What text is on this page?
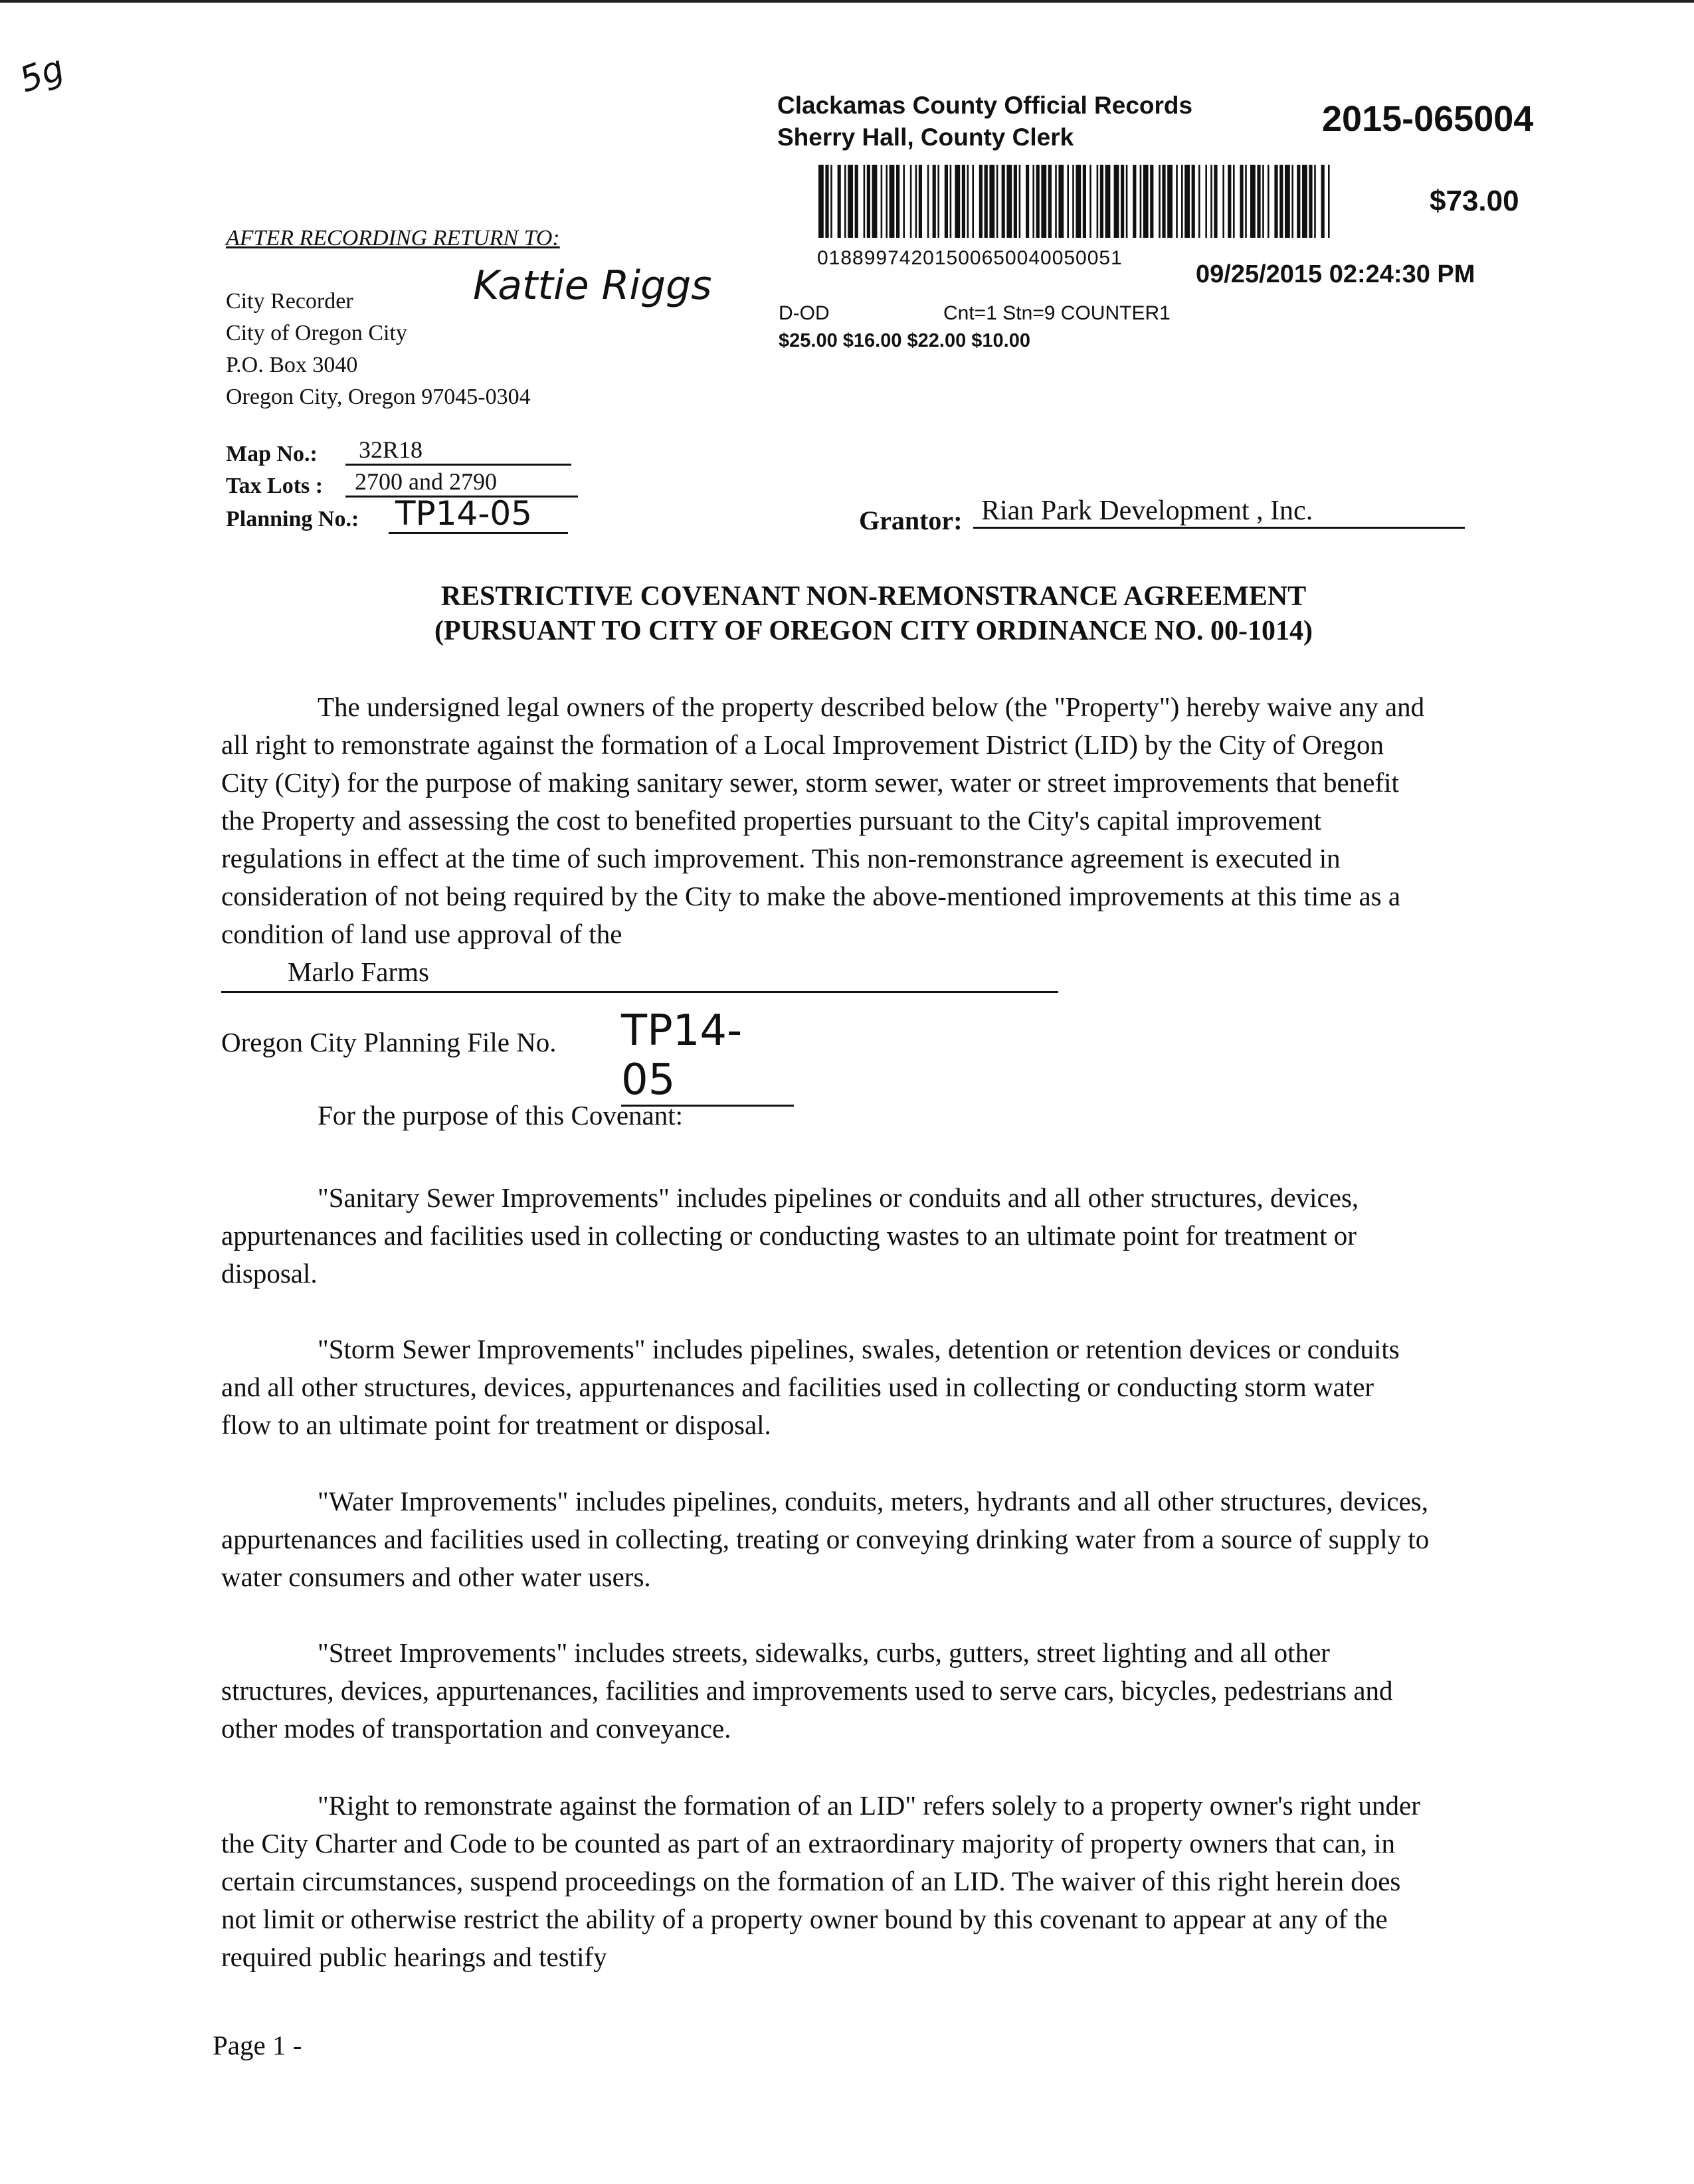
5g
Clackamas County Official Records
Sherry Hall, County Clerk	2015-065004
01889974201500650040050051
$73.00
09/25/2015 02:24:30 PM
D-OD	Cnt=1 Stn=9 COUNTER1
$25.00 $16.00 $22.00 $10.00
AFTER RECORDING RETURN TO:
City Recorder
City of Oregon City
P.O. Box 3040
Oregon City, Oregon 97045-0304
Kattie Riggs
Map No.:	32R18
Tax Lots :	2700 and 2790
Planning No.: TP14-05	Grantor: Rian Park Development , Inc.
RESTRICTIVE COVENANT NON-REMONSTRANCE AGREEMENT
(PURSUANT TO CITY OF OREGON CITY ORDINANCE NO. 00-1014)
The undersigned legal owners of the property described below (the "Property") hereby waive any and all right to remonstrate against the formation of a Local Improvement District (LID) by the City of Oregon City (City) for the purpose of making sanitary sewer, storm sewer, water or street improvements that benefit the Property and assessing the cost to benefited properties pursuant to the City's capital improvement regulations in effect at the time of such improvement. This non-remonstrance agreement is executed in consideration of not being required by the City to make the above-mentioned improvements at this time as a condition of land use approval of the Marlo Farms
Oregon City Planning File No. TP14-05
For the purpose of this Covenant:
"Sanitary Sewer Improvements" includes pipelines or conduits and all other structures, devices, appurtenances and facilities used in collecting or conducting wastes to an ultimate point for treatment or disposal.
"Storm Sewer Improvements" includes pipelines, swales, detention or retention devices or conduits and all other structures, devices, appurtenances and facilities used in collecting or conducting storm water flow to an ultimate point for treatment or disposal.
"Water Improvements" includes pipelines, conduits, meters, hydrants and all other structures, devices, appurtenances and facilities used in collecting, treating or conveying drinking water from a source of supply to water consumers and other water users.
"Street Improvements" includes streets, sidewalks, curbs, gutters, street lighting and all other structures, devices, appurtenances, facilities and improvements used to serve cars, bicycles, pedestrians and other modes of transportation and conveyance.
"Right to remonstrate against the formation of an LID" refers solely to a property owner's right under the City Charter and Code to be counted as part of an extraordinary majority of property owners that can, in certain circumstances, suspend proceedings on the formation of an LID. The waiver of this right herein does not limit or otherwise restrict the ability of a property owner bound by this covenant to appear at any of the required public hearings and testify
Page 1 -
